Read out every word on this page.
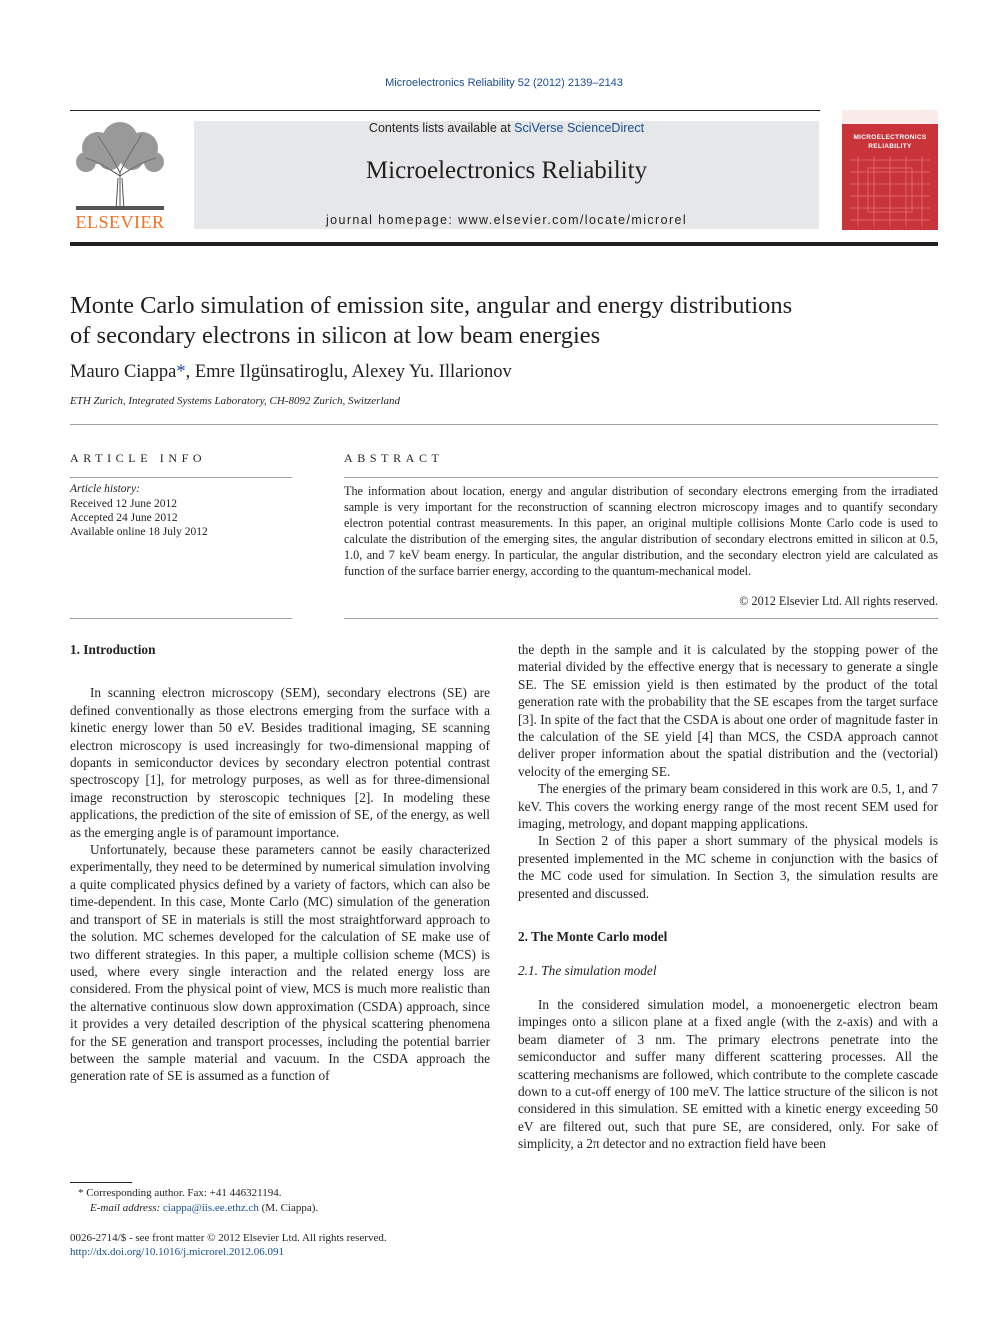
Microelectronics Reliability 52 (2012) 2139–2143
ELSEVIER
Contents lists available at SciVerse ScienceDirect
Microelectronics Reliability
journal homepage: www.elsevier.com/locate/microrel
MICROELECTRONICS
RELIABILITY
Monte Carlo simulation of emission site, angular and energy distributions
of secondary electrons in silicon at low beam energies
Mauro Ciappa*, Emre Ilgünsatiroglu, Alexey Yu. Illarionov
ETH Zurich, Integrated Systems Laboratory, CH-8092 Zurich, Switzerland
ARTICLE INFO
Article history:
Received 12 June 2012
Accepted 24 June 2012
Available online 18 July 2012
ABSTRACT
The information about location, energy and angular distribution of secondary electrons emerging from the irradiated sample is very important for the reconstruction of scanning electron microscopy images and to quantify secondary electron potential contrast measurements. In this paper, an original multiple collisions Monte Carlo code is used to calculate the distribution of the emerging sites, the angular distribution of secondary electrons emitted in silicon at 0.5, 1.0, and 7 keV beam energy. In particular, the angular distribution, and the secondary electron yield are calculated as function of the surface barrier energy, according to the quantum-mechanical model.
© 2012 Elsevier Ltd. All rights reserved.
1. Introduction

In scanning electron microscopy (SEM), secondary electrons (SE) are defined conventionally as those electrons emerging from the surface with a kinetic energy lower than 50 eV. Besides traditional imaging, SE scanning electron microscopy is used increasingly for two-dimensional mapping of dopants in semiconductor devices by secondary electron potential contrast spectroscopy [1], for metrology purposes, as well as for three-dimensional image reconstruction by steroscopic techniques [2]. In modeling these applications, the prediction of the site of emission of SE, of the energy, as well as the emerging angle is of paramount importance.

Unfortunately, because these parameters cannot be easily characterized experimentally, they need to be determined by numerical simulation involving a quite complicated physics defined by a variety of factors, which can also be time-dependent. In this case, Monte Carlo (MC) simulation of the generation and transport of SE in materials is still the most straightforward approach to the solution. MC schemes developed for the calculation of SE make use of two different strategies. In this paper, a multiple collision scheme (MCS) is used, where every single interaction and the related energy loss are considered. From the physical point of view, MCS is much more realistic than the alternative continuous slow down approximation (CSDA) approach, since it provides a very detailed description of the physical scattering phenomena for the SE generation and transport processes, including the potential barrier between the sample material and vacuum. In the CSDA approach the generation rate of SE is assumed as a function of

the depth in the sample and it is calculated by the stopping power of the material divided by the effective energy that is necessary to generate a single SE. The SE emission yield is then estimated by the product of the total generation rate with the probability that the SE escapes from the target surface [3]. In spite of the fact that the CSDA is about one order of magnitude faster in the calculation of the SE yield [4] than MCS, the CSDA approach cannot deliver proper information about the spatial distribution and the (vectorial) velocity of the emerging SE.

The energies of the primary beam considered in this work are 0.5, 1, and 7 keV. This covers the working energy range of the most recent SEM used for imaging, metrology, and dopant mapping applications.

In Section 2 of this paper a short summary of the physical models is presented implemented in the MC scheme in conjunction with the basics of the MC code used for simulation. In Section 3, the simulation results are presented and discussed.

2. The Monte Carlo model
2.1. The simulation model

In the considered simulation model, a monoenergetic electron beam impinges onto a silicon plane at a fixed angle (with the z-axis) and with a beam diameter of 3 nm. The primary electrons penetrate into the semiconductor and suffer many different scattering processes. All the scattering mechanisms are followed, which contribute to the complete cascade down to a cut-off energy of 100 meV. The lattice structure of the silicon is not considered in this simulation. SE emitted with a kinetic energy exceeding 50 eV are filtered out, such that pure SE, are considered, only. For sake of simplicity, a 2π detector and no extraction field have been

* Corresponding author. Fax: +41 446321194.
E-mail address: ciappa@iis.ee.ethz.ch (M. Ciappa).
0026-2714/$ - see front matter © 2012 Elsevier Ltd. All rights reserved.
http://dx.doi.org/10.1016/j.microrel.2012.06.091
